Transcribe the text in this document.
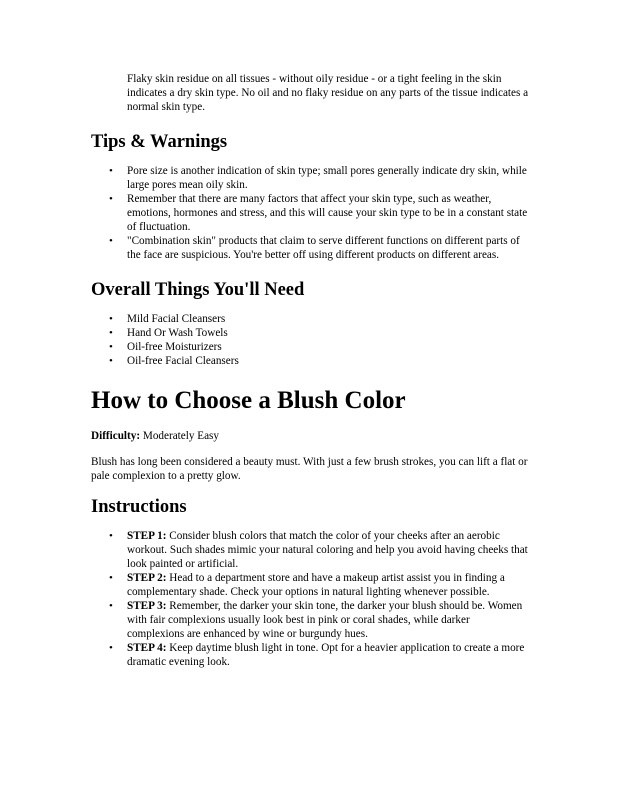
Flaky skin residue on all tissues - without oily residue - or a tight feeling in the skin indicates a dry skin type. No oil and no flaky residue on any parts of the tissue indicates a normal skin type.

Tips & Warnings
• Pore size is another indication of skin type; small pores generally indicate dry skin, while large pores mean oily skin.
• Remember that there are many factors that affect your skin type, such as weather, emotions, hormones and stress, and this will cause your skin type to be in a constant state of fluctuation.
• "Combination skin" products that claim to serve different functions on different parts of the face are suspicious. You're better off using different products on different areas.
Overall Things You'll Need
• Mild Facial Cleansers
• Hand Or Wash Towels
• Oil-free Moisturizers
• Oil-free Facial Cleansers
How to Choose a Blush Color

Difficulty: Moderately Easy

Blush has long been considered a beauty must. With just a few brush strokes, you can lift a flat or pale complexion to a pretty glow.

Instructions
• STEP 1: Consider blush colors that match the color of your cheeks after an aerobic workout. Such shades mimic your natural coloring and help you avoid having cheeks that look painted or artificial.
• STEP 2: Head to a department store and have a makeup artist assist you in finding a complementary shade. Check your options in natural lighting whenever possible.
• STEP 3: Remember, the darker your skin tone, the darker your blush should be. Women with fair complexions usually look best in pink or coral shades, while darker complexions are enhanced by wine or burgundy hues.
• STEP 4: Keep daytime blush light in tone. Opt for a heavier application to create a more dramatic evening look.
